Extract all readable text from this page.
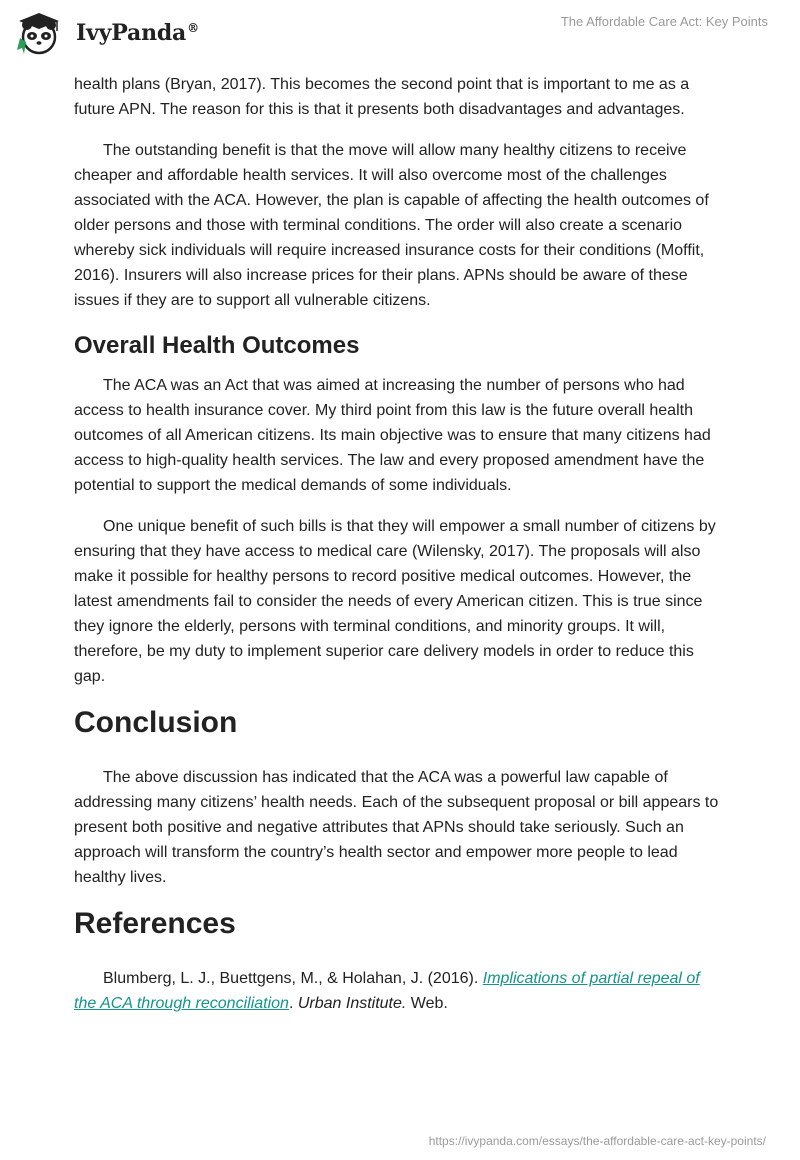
IvyPanda®	The Affordable Care Act: Key Points

health plans (Bryan, 2017). This becomes the second point that is important to me as a future APN. The reason for this is that it presents both disadvantages and advantages.

The outstanding benefit is that the move will allow many healthy citizens to receive cheaper and affordable health services. It will also overcome most of the challenges associated with the ACA. However, the plan is capable of affecting the health outcomes of older persons and those with terminal conditions. The order will also create a scenario whereby sick individuals will require increased insurance costs for their conditions (Moffit, 2016). Insurers will also increase prices for their plans. APNs should be aware of these issues if they are to support all vulnerable citizens.

Overall Health Outcomes

The ACA was an Act that was aimed at increasing the number of persons who had access to health insurance cover. My third point from this law is the future overall health outcomes of all American citizens. Its main objective was to ensure that many citizens had access to high-quality health services. The law and every proposed amendment have the potential to support the medical demands of some individuals.

One unique benefit of such bills is that they will empower a small number of citizens by ensuring that they have access to medical care (Wilensky, 2017). The proposals will also make it possible for healthy persons to record positive medical outcomes. However, the latest amendments fail to consider the needs of every American citizen. This is true since they ignore the elderly, persons with terminal conditions, and minority groups. It will, therefore, be my duty to implement superior care delivery models in order to reduce this gap.

Conclusion

The above discussion has indicated that the ACA was a powerful law capable of addressing many citizens’ health needs. Each of the subsequent proposal or bill appears to present both positive and negative attributes that APNs should take seriously. Such an approach will transform the country’s health sector and empower more people to lead healthy lives.

References

Blumberg, L. J., Buettgens, M., & Holahan, J. (2016). Implications of partial repeal of the ACA through reconciliation. Urban Institute. Web.

https://ivypanda.com/essays/the-affordable-care-act-key-points/
